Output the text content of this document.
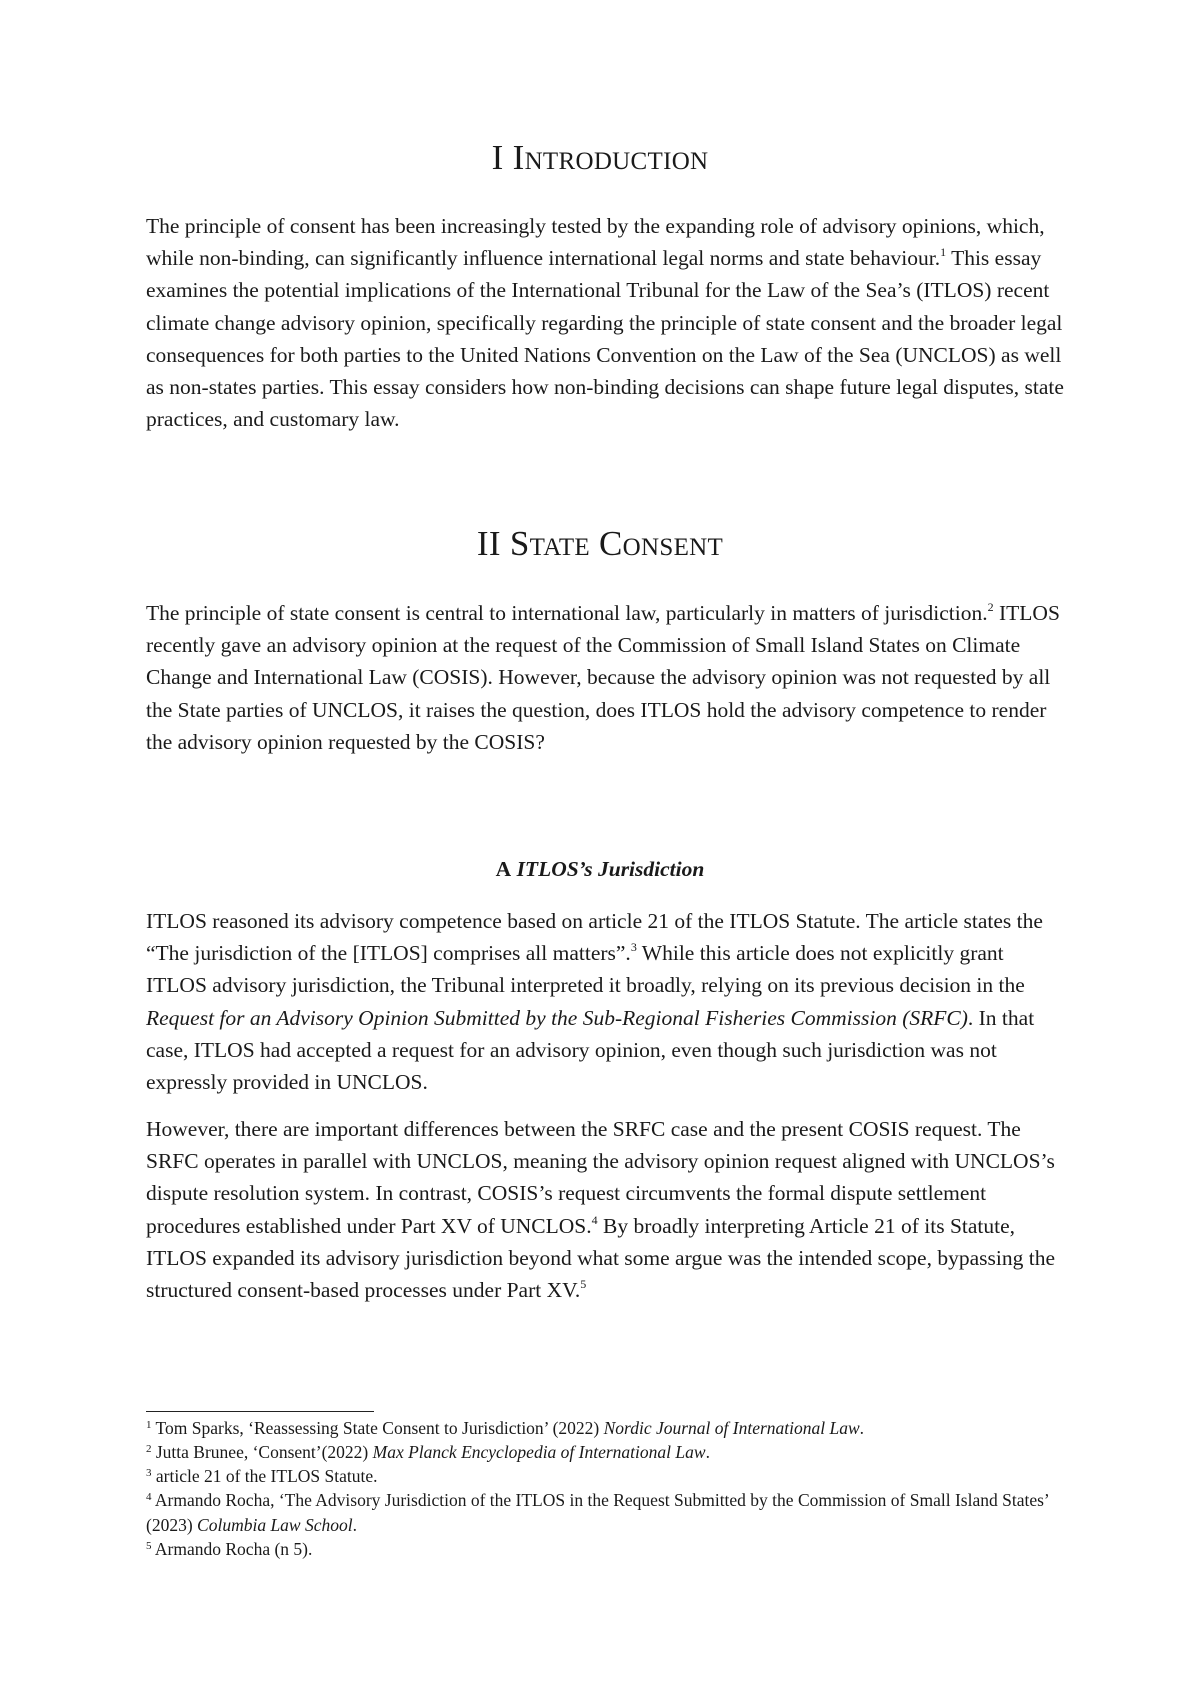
I Introduction

The principle of consent has been increasingly tested by the expanding role of advisory opinions, which, while non-binding, can significantly influence international legal norms and state behaviour.$^1$ This essay examines the potential implications of the International Tribunal for the Law of the Sea’s (ITLOS) recent climate change advisory opinion, specifically regarding the principle of state consent and the broader legal consequences for both parties to the United Nations Convention on the Law of the Sea (UNCLOS) as well as non-states parties. This essay considers how non-binding decisions can shape future legal disputes, state practices, and customary law.

II State Consent

The principle of state consent is central to international law, particularly in matters of jurisdiction.$^2$ ITLOS recently gave an advisory opinion at the request of the Commission of Small Island States on Climate Change and International Law (COSIS). However, because the advisory opinion was not requested by all the State parties of UNCLOS, it raises the question, does ITLOS hold the advisory competence to render the advisory opinion requested by the COSIS?

A ITLOS’s Jurisdiction

ITLOS reasoned its advisory competence based on article 21 of the ITLOS Statute. The article states the “The jurisdiction of the [ITLOS] comprises all matters”.$^3$ While this article does not explicitly grant ITLOS advisory jurisdiction, the Tribunal interpreted it broadly, relying on its previous decision in the Request for an Advisory Opinion Submitted by the Sub-Regional Fisheries Commission (SRFC). In that case, ITLOS had accepted a request for an advisory opinion, even though such jurisdiction was not expressly provided in UNCLOS.

However, there are important differences between the SRFC case and the present COSIS request. The SRFC operates in parallel with UNCLOS, meaning the advisory opinion request aligned with UNCLOS’s dispute resolution system. In contrast, COSIS’s request circumvents the formal dispute settlement procedures established under Part XV of UNCLOS.$^4$ By broadly interpreting Article 21 of its Statute, ITLOS expanded its advisory jurisdiction beyond what some argue was the intended scope, bypassing the structured consent-based processes under Part XV.$^5$

$^1$ Tom Sparks, ‘Reassessing State Consent to Jurisdiction’ (2022) Nordic Journal of International Law.

$^2$ Jutta Brunee, ‘Consent’(2022) Max Planck Encyclopedia of International Law.

$^3$ article 21 of the ITLOS Statute.

$^4$ Armando Rocha, ‘The Advisory Jurisdiction of the ITLOS in the Request Submitted by the Commission of Small Island States’ (2023) Columbia Law School.

$^5$ Armando Rocha (n 5).
